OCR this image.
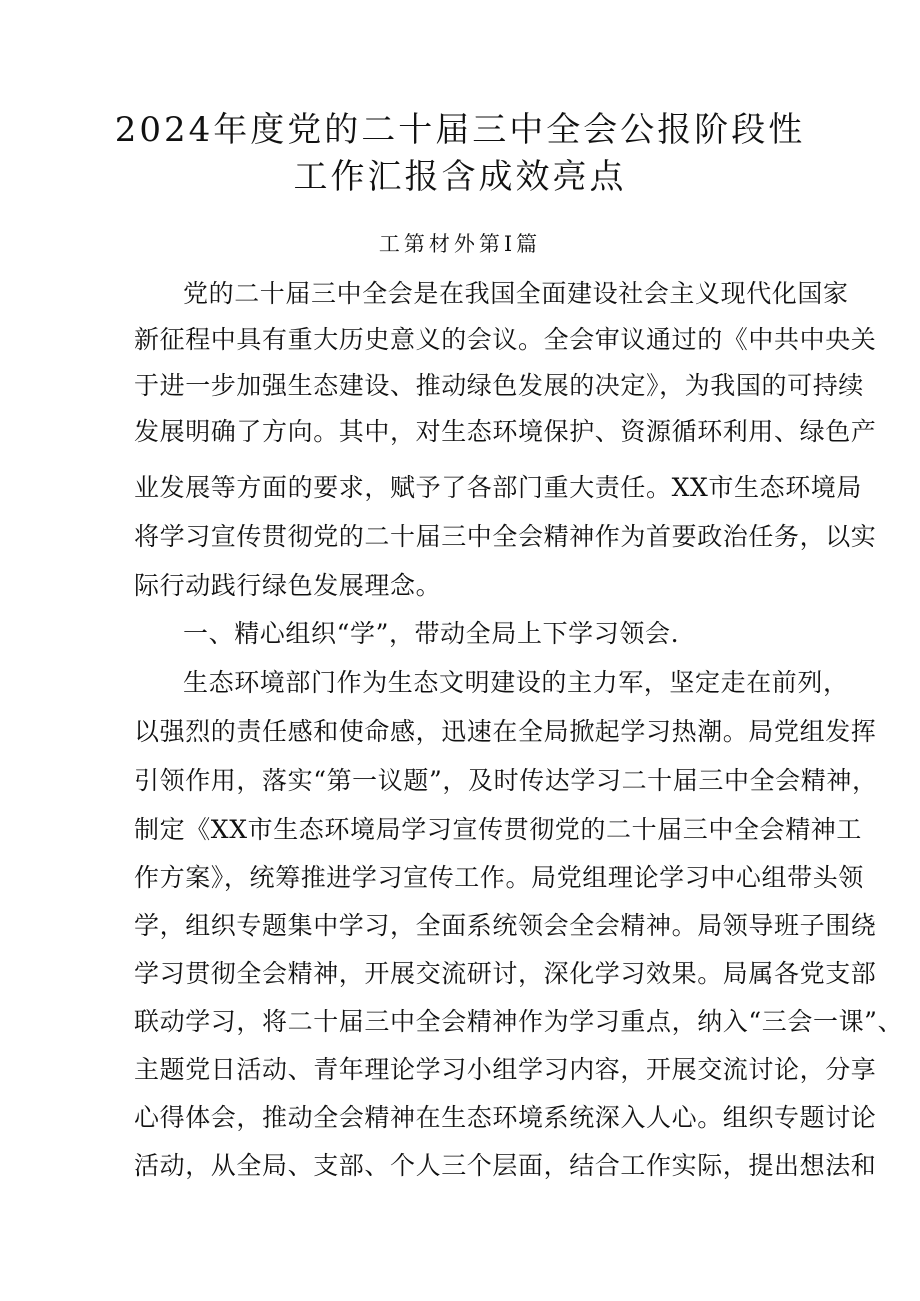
2024年度党的二十届三中全会公报阶段性
工作汇报含成效亮点
工第材外第I篇
党的二十届三中全会是在我国全面建设社会主义现代化国家
新征程中具有重大历史意义的会议。全会审议通过的《中共中央关
于进一步加强生态建设、推动绿色发展的决定》，为我国的可持续
发展明确了方向。其中，对生态环境保护、资源循环利用、绿色产
业发展等方面的要求，赋予了各部门重大责任。XX市生态环境局
将学习宣传贯彻党的二十届三中全会精神作为首要政治任务，以实
际行动践行绿色发展理念。
一、精心组织“学”，带动全局上下学习领会.
生态环境部门作为生态文明建设的主力军，坚定走在前列，
以强烈的责任感和使命感，迅速在全局掀起学习热潮。局党组发挥
引领作用，落实“第一议题”，及时传达学习二十届三中全会精神，
制定《XX市生态环境局学习宣传贯彻党的二十届三中全会精神工
作方案》，统筹推进学习宣传工作。局党组理论学习中心组带头领
学，组织专题集中学习，全面系统领会全会精神。局领导班子围绕
学习贯彻全会精神，开展交流研讨，深化学习效果。局属各党支部
联动学习，将二十届三中全会精神作为学习重点，纳入“三会一课”、
主题党日活动、青年理论学习小组学习内容，开展交流讨论，分享
心得体会，推动全会精神在生态环境系统深入人心。组织专题讨论
活动，从全局、支部、个人三个层面，结合工作实际，提出想法和
